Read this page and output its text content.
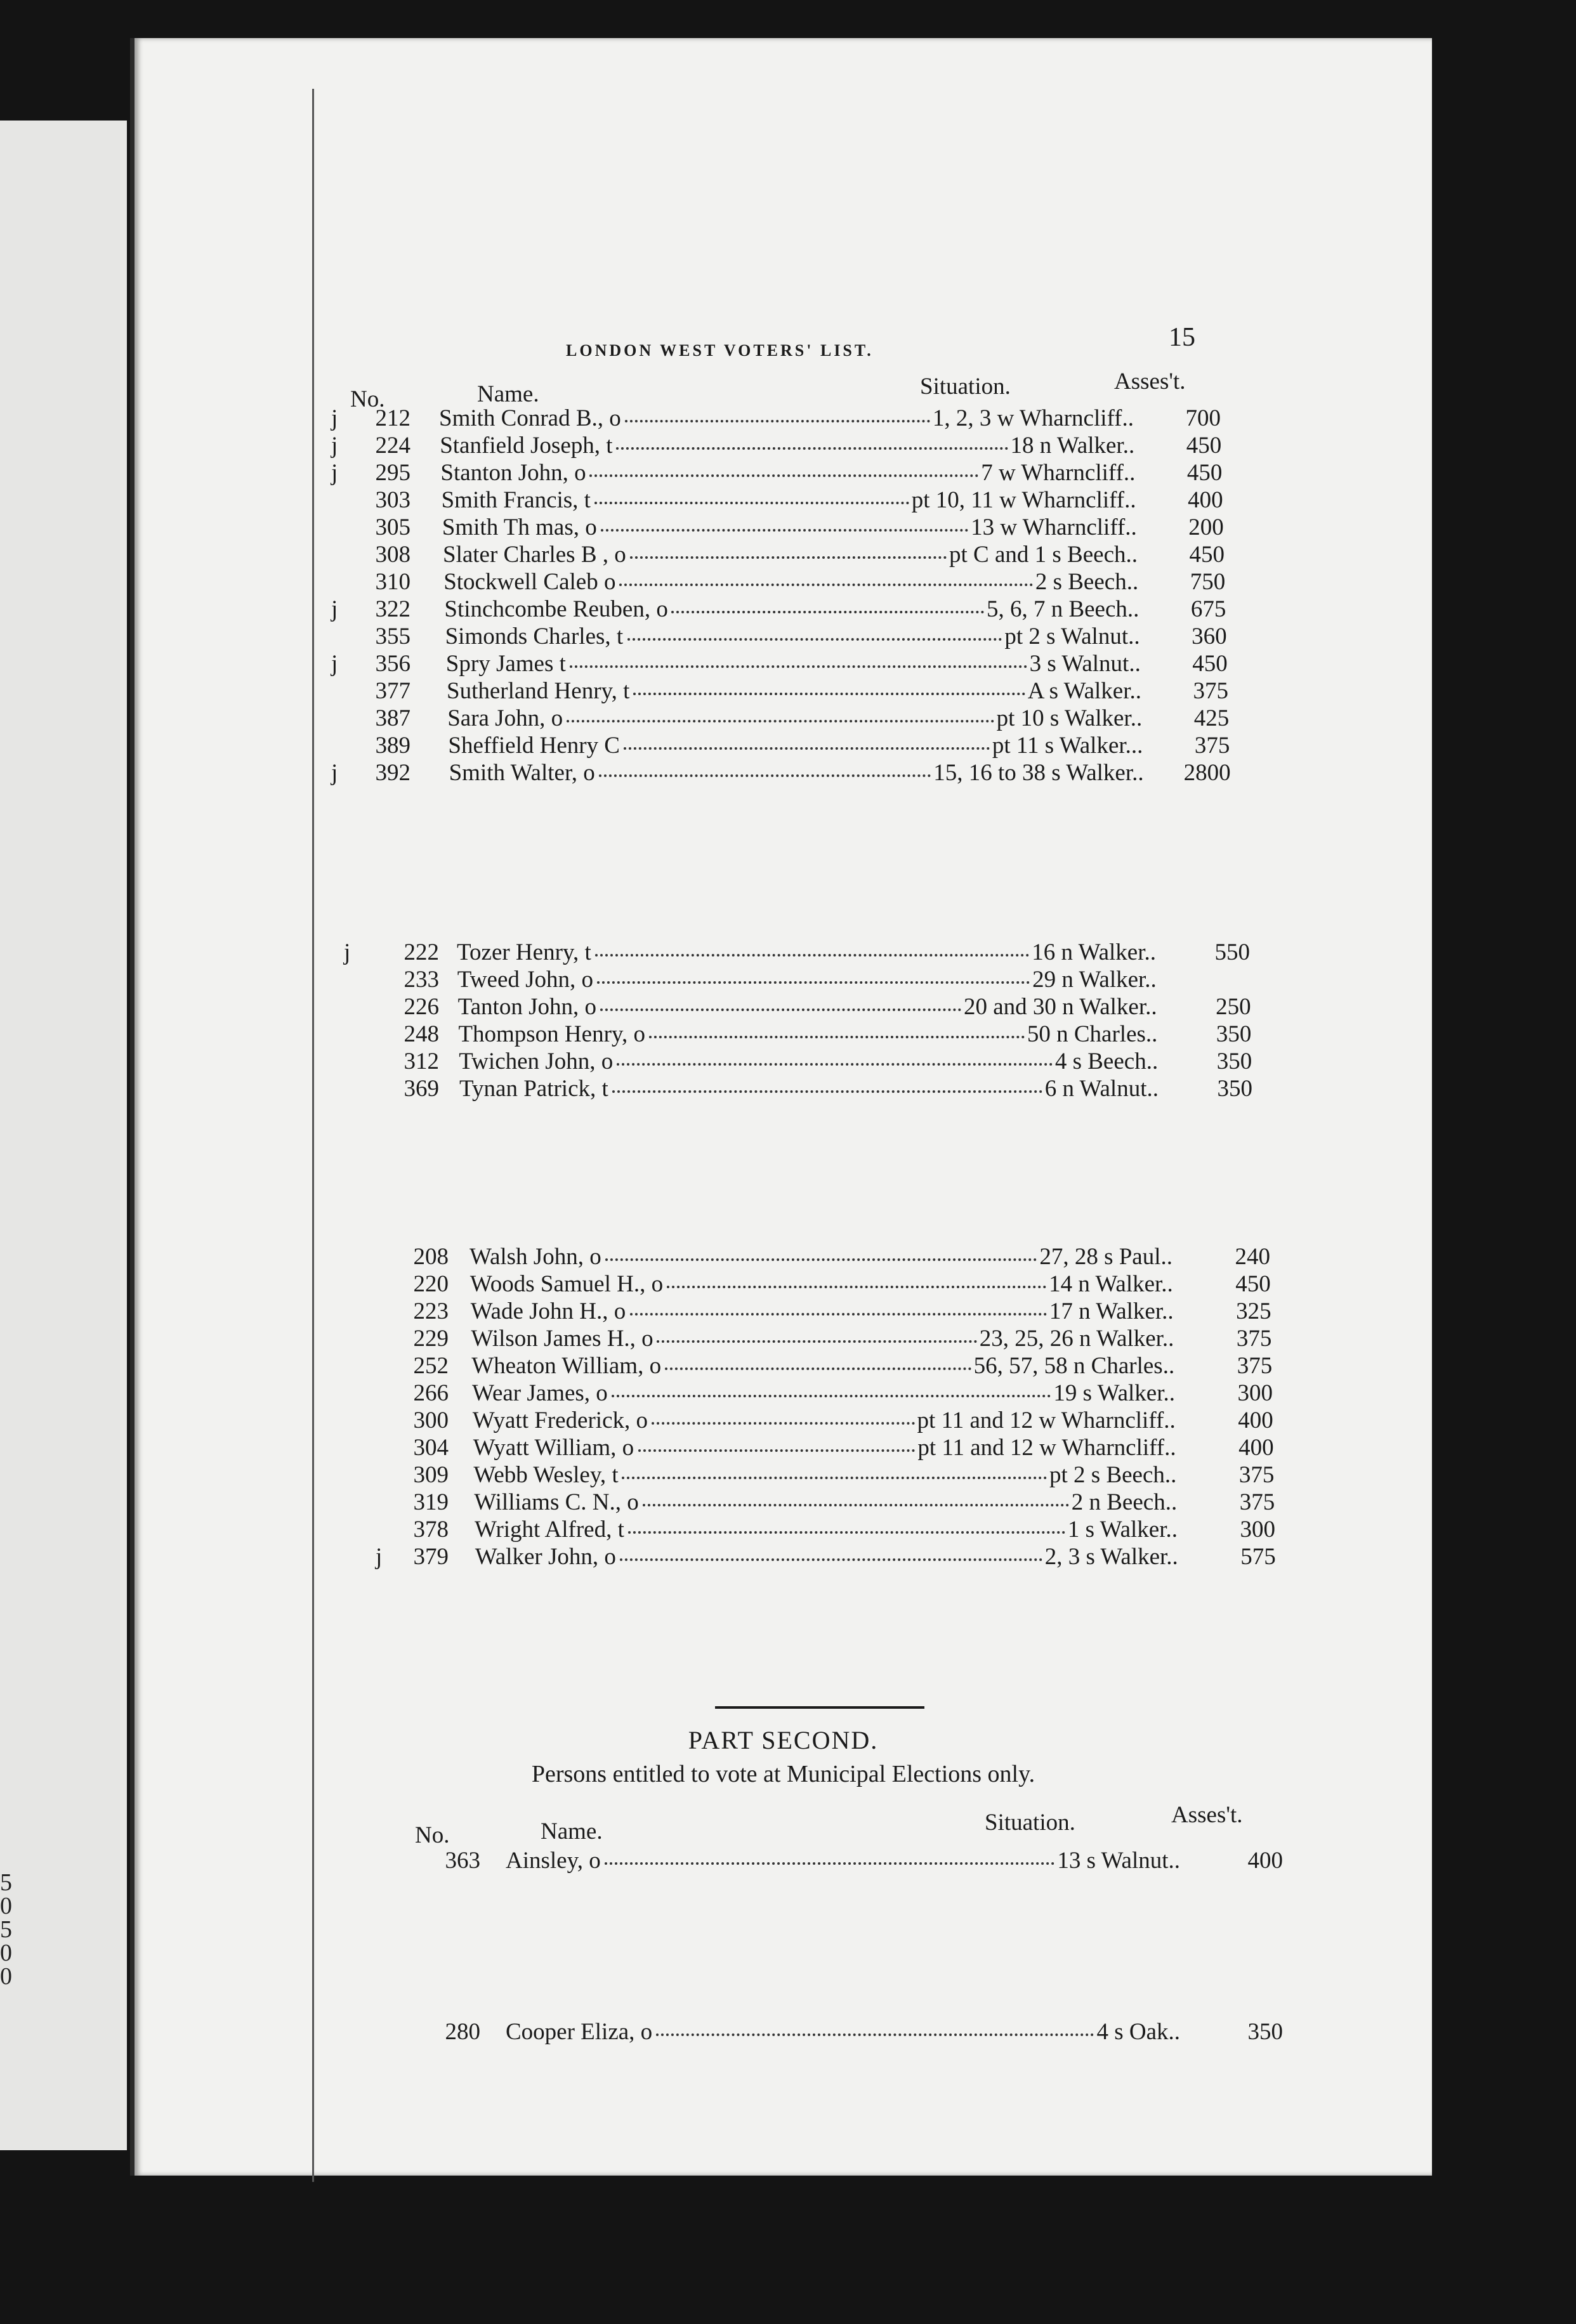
5
0
5
0
0
LONDON WEST VOTERS' LIST.	15
No.	Name.	Situation.	Asses't.
j	212 Smith Conrad B., o	1, 2, 3 w Wharncliff..	700
j	224 Stanfield Joseph, t	18 n Walker..	450
j	295 Stanton John, o	7 w Wharncliff..	450
303 Smith Francis, t	pt 10, 11 w Wharncliff..	400
305 Smith Th mas, o	13 w Wharncliff..	200
308 Slater Charles B , o	pt C and 1 s Beech..	450
310 Stockwell Caleb o	2 s Beech..	750
j	322 Stinchcombe Reuben, o	5, 6, 7 n Beech..	675
355 Simonds Charles, t	pt 2 s Walnut..	360
j	356 Spry James t	3 s Walnut..	450
377 Sutherland Henry, t	A s Walker..	375
387 Sara John, o	pt 10 s Walker..	425
389 Sheffield Henry C	pt 11 s Walker...	375
j	392 Smith Walter, o	15, 16 to 38 s Walker..	2800
j	222 Tozer Henry, t	16 n Walker..	550
233 Tweed John, o	29 n Walker..
226 Tanton John, o	20 and 30 n Walker..	250
248 Thompson Henry, o	50 n Charles..	350
312 Twichen John, o	4 s Beech..	350
369 Tynan Patrick, t	6 n Walnut..	350
208 Walsh John, o	27, 28 s Paul..	240
220 Woods Samuel H., o	14 n Walker..	450
223 Wade John H., o	17 n Walker..	325
229 Wilson James H., o	23, 25, 26 n Walker..	375
252 Wheaton William, o	56, 57, 58 n Charles..	375
266 Wear James, o	19 s Walker..	300
300 Wyatt Frederick, o	pt 11 and 12 w Wharncliff..	400
304 Wyatt William, o	pt 11 and 12 w Wharncliff..	400
309 Webb Wesley, t	pt 2 s Beech..	375
319 Williams C. N., o	2 n Beech..	375
378 Wright Alfred, t	1 s Walker..	300
j	379 Walker John, o	2, 3 s Walker..	575
PART SECOND.
Persons entitled to vote at Municipal Elections only.
No.	Name.	Situation.	Asses't.
363 Ainsley, o	13 s Walnut..	400
280 Cooper Eliza, o	4 s Oak..	350
